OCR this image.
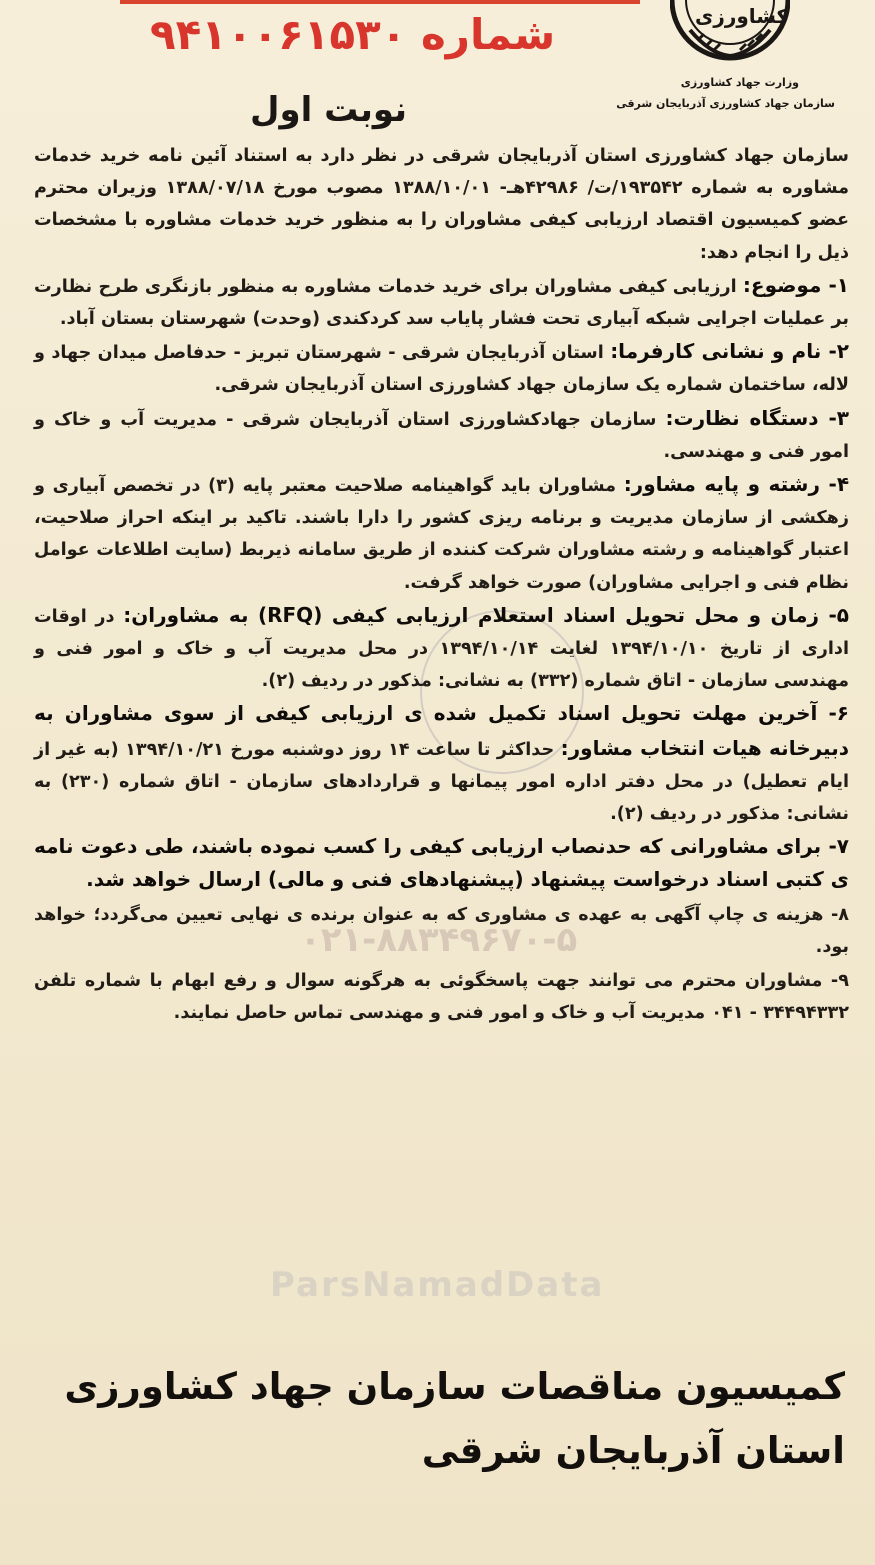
کشاورزی
شماره ۹۴۱۰۰۶۱۵۳۰
وزارت جهاد کشاورزی
سازمان جهاد کشاورزی آذربایجان شرقی
نوبت اول
۰۲۱-۸۸۳۴۹۶۷۰-۵

سازمان جهاد کشاورزی استان آذربایجان شرقی در نظر دارد به استناد آئین نامه خرید خدمات مشاوره به شماره ۱۹۳۵۴۲/ت/ ۴۲۹۸۶هـ- ۱۳۸۸/۱۰/۰۱ مصوب مورخ ۱۳۸۸/۰۷/۱۸ وزیران محترم عضو کمیسیون اقتصاد ارزیابی کیفی مشاوران را به منظور خرید خدمات مشاوره با مشخصات ذیل را انجام دهد:

۱- موضوع: ارزیابی کیفی مشاوران برای خرید خدمات مشاوره به منظور بازنگری طرح نظارت بر عملیات اجرایی شبکه آبیاری تحت فشار پایاب سد کردکندی (وحدت) شهرستان بستان آباد.

۲- نام و نشانی کارفرما: استان آذربایجان شرقی - شهرستان تبریز - حدفاصل میدان جهاد و لاله، ساختمان شماره یک سازمان جهاد کشاورزی استان آذربایجان شرقی.

۳- دستگاه نظارت: سازمان جهادکشاورزی استان آذربایجان شرقی - مدیریت آب و خاک و امور فنی و مهندسی.

۴- رشته و پایه مشاور: مشاوران باید گواهینامه صلاحیت معتبر پایه (۳) در تخصص آبیاری و زهکشی از سازمان مدیریت و برنامه ریزی کشور را دارا باشند. تاکید بر اینکه احراز صلاحیت، اعتبار گواهینامه و رشته مشاوران شرکت کننده از طریق سامانه ذیربط (سایت اطلاعات عوامل نظام فنی و اجرایی مشاوران) صورت خواهد گرفت.

۵- زمان و محل تحویل اسناد استعلام ارزیابی کیفی (RFQ) به مشاوران: در اوقات اداری از تاریخ ۱۳۹۴/۱۰/۱۰ لغایت ۱۳۹۴/۱۰/۱۴ در محل مدیریت آب و خاک و امور فنی و مهندسی سازمان - اتاق شماره (۳۳۲) به نشانی: مذکور در ردیف (۲).

۶- آخرین مهلت تحویل اسناد تکمیل شده ی ارزیابی کیفی از سوی مشاوران به دبیرخانه هیات انتخاب مشاور: حداکثر تا ساعت ۱۴ روز دوشنبه مورخ ۱۳۹۴/۱۰/۲۱ (به غیر از ایام تعطیل) در محل دفتر اداره امور پیمانها و قراردادهای سازمان - اتاق شماره (۲۳۰) به نشانی: مذکور در ردیف (۲).

۷- برای مشاورانی که حدنصاب ارزیابی کیفی را کسب نموده باشند، طی دعوت نامه ی کتبی اسناد درخواست پیشنهاد (پیشنهادهای فنی و مالی) ارسال خواهد شد.

۸- هزینه ی چاپ آگهی به عهده ی مشاوری که به عنوان برنده ی نهایی تعیین می‌گردد؛ خواهد بود.

۹- مشاوران محترم می توانند جهت پاسخگوئی به هرگونه سوال و رفع ابهام با شماره تلفن ۳۴۴۹۴۳۳۲ - ۰۴۱ مدیریت آب و خاک و امور فنی و مهندسی تماس حاصل نمایند.

ParsNamadData
کمیسیون مناقصات سازمان جهاد کشاورزی
استان آذربایجان شرقی
